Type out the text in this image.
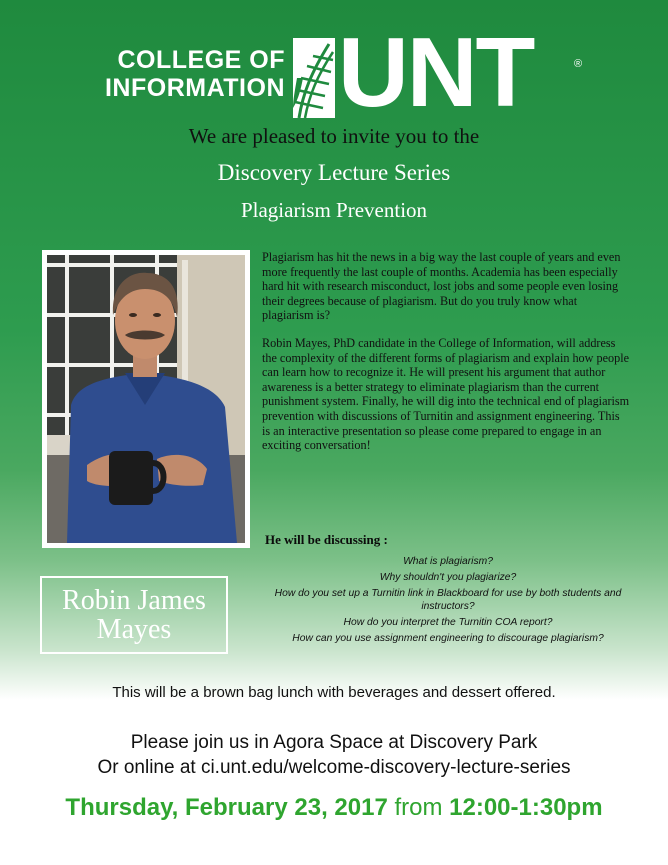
COLLEGE OF
INFORMATION UNT	®
We are pleased to invite you to the
Discovery Lecture Series
Plagiarism Prevention

Plagiarism has hit the news in a big way the last couple of years and even more frequently the last couple of months. Academia has been especially hard hit with research misconduct, lost jobs and some people even losing their degrees because of plagiarism. But do you truly know what plagiarism is?

Robin Mayes, PhD candidate in the College of Information, will address the complexity of the different forms of plagiarism and explain how people can learn how to recognize it. He will present his argument that author awareness is a better strategy to eliminate plagiarism than the current punishment system. Finally, he will dig into the technical end of plagiarism prevention with discussions of Turnitin and assignment engineering. This is an interactive presentation so please come prepared to engage in an exciting conversation!

He will be discussing :
What is plagiarism?
Why shouldn't you plagiarize?
How do you set up a Turnitin link in Blackboard for use by both students and instructors?
How do you interpret the Turnitin COA report?
How can you use assignment engineering to discourage plagiarism?
Robin James
Mayes
This will be a brown bag lunch with beverages and dessert offered.
Please join us in Agora Space at Discovery Park
Or online at ci.unt.edu/welcome-discovery-lecture-series
Thursday, February 23, 2017 from 12:00-1:30pm
